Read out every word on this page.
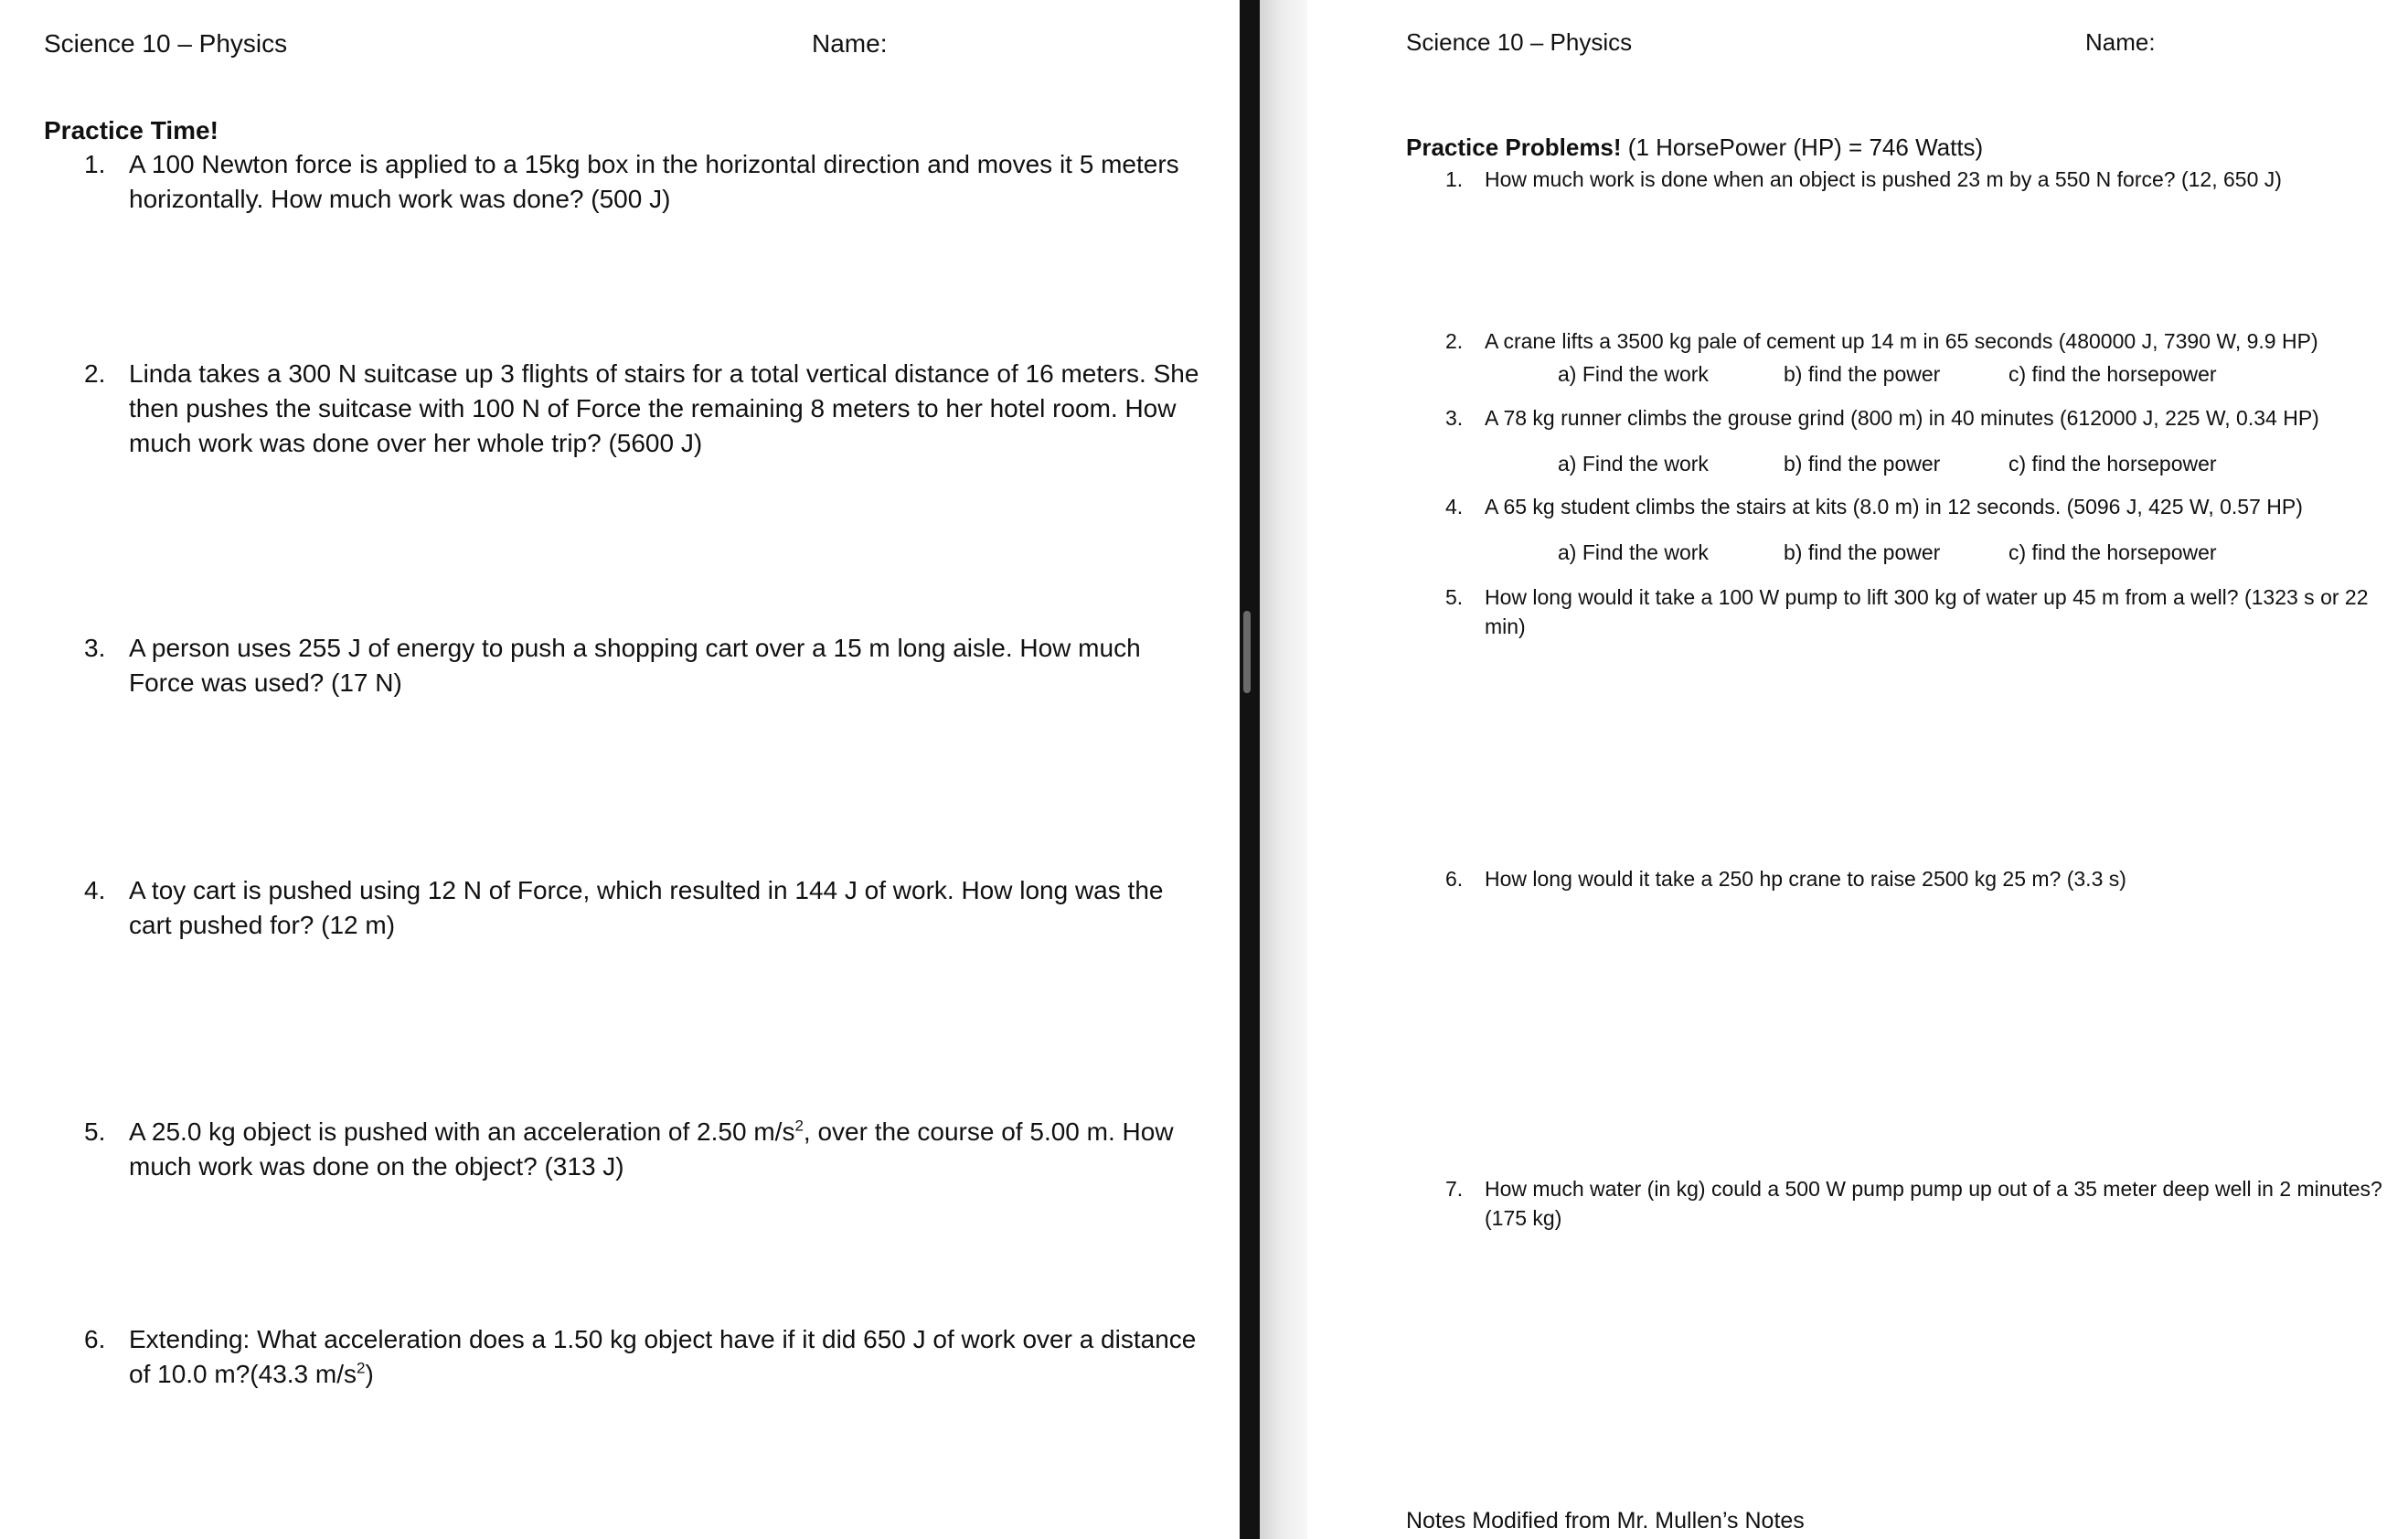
Science 10 – Physics	Name:
Practice Time!
1. A 100 Newton force is applied to a 15kg box in the horizontal direction and moves it 5 meters horizontally. How much work was done? (500 J)
2. Linda takes a 300 N suitcase up 3 flights of stairs for a total vertical distance of 16 meters. She then pushes the suitcase with 100 N of Force the remaining 8 meters to her hotel room. How much work was done over her whole trip? (5600 J)
3. A person uses 255 J of energy to push a shopping cart over a 15 m long aisle. How much Force was used? (17 N)
4. A toy cart is pushed using 12 N of Force, which resulted in 144 J of work. How long was the cart pushed for? (12 m)
5. A 25.0 kg object is pushed with an acceleration of 2.50 $m/s^2$, over the course of 5.00 m. How much work was done on the object? (313 J)
6. Extending: What acceleration does a 1.50 kg object have if it did 650 J of work over a distance of 10.0 m?(43.3 $m/s^2$)
Science 10 – Physics	Name:
Practice Problems! (1 HorsePower (HP) = 746 Watts)
1. How much work is done when an object is pushed 23 m by a 550 N force? (12, 650 J)
2. A crane lifts a 3500 kg pale of cement up 14 m in 65 seconds (480000 J, 7390 W, 9.9 HP)
a) Find the work	b) find the power	c) find the horsepower
3. A 78 kg runner climbs the grouse grind (800 m) in 40 minutes (612000 J, 225 W, 0.34 HP)
a) Find the work	b) find the power	c) find the horsepower
4. A 65 kg student climbs the stairs at kits (8.0 m) in 12 seconds. (5096 J, 425 W, 0.57 HP)
a) Find the work	b) find the power	c) find the horsepower
5. How long would it take a 100 W pump to lift 300 kg of water up 45 m from a well? (1323 s or 22 min)
6. How long would it take a 250 hp crane to raise 2500 kg 25 m? (3.3 s)
7. How much water (in kg) could a 500 W pump pump up out of a 35 meter deep well in 2 minutes? (175 kg)
Notes Modified from Mr. Mullen’s Notes
